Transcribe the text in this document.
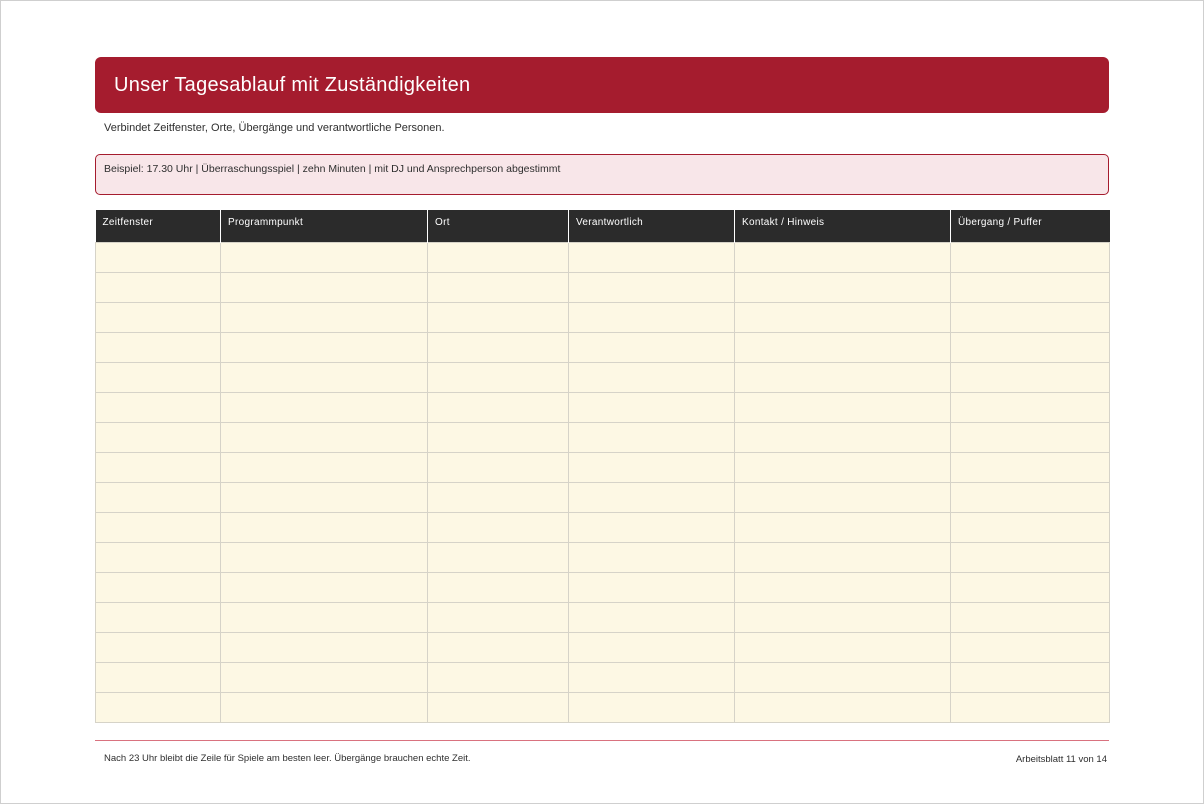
Unser Tagesablauf mit Zuständigkeiten
Verbindet Zeitfenster, Orte, Übergänge und verantwortliche Personen.
Beispiel: 17.30 Uhr | Überraschungsspiel | zehn Minuten | mit DJ und Ansprechperson abgestimmt
Zeitfenster	Programmpunkt	Ort	Verantwortlich	Kontakt / Hinweis	Übergang / Puffer

Nach 23 Uhr bleibt die Zeile für Spiele am besten leer. Übergänge brauchen echte Zeit.	Arbeitsblatt 11 von 14
